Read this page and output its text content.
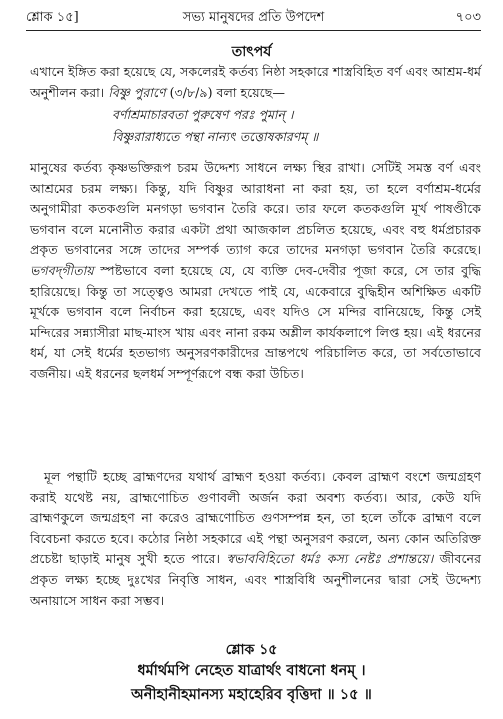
শ্লোক ১৫]	সভ্য মানুষদের প্রতি উপদেশ	৭০৩
তাৎপর্য
এখানে ইঙ্গিত করা হয়েছে যে, সকলেরই কর্তব্য নিষ্ঠা সহকারে শাস্ত্রবিহিত বর্ণ এবং আশ্রম-ধর্ম অনুশীলন করা। বিষ্ণু পুরাণে (৩/৮/৯) বলা হয়েছে—
বর্ণাশ্রমাচারবতা পুরুষেণ পরঃ পুমান্‌ ।
বিষ্ণুরারাধ্যতে পন্থা নান্যৎ তত্তোষকারণম্‌ ॥
মানুষের কর্তব্য কৃষ্ণভক্তিরূপ চরম উদ্দেশ্য সাধনে লক্ষ্য স্থির রাখা। সেটিই সমস্ত বর্ণ এবং আশ্রমের চরম লক্ষ্য। কিন্তু, যদি বিষ্ণুর আরাধনা না করা হয়, তা হলে বর্ণাশ্রম-ধর্মের অনুগামীরা কতকগুলি মনগড়া ভগবান তৈরি করে। তার ফলে কতকগুলি মূর্খ পাষণ্ডীকে ভগবান বলে মনোনীত করার একটা প্রথা আজকাল প্রচলিত হয়েছে, এবং বহু ধর্মপ্রচারক প্রকৃত ভগবানের সঙ্গে তাদের সম্পর্ক ত্যাগ করে তাদের মনগড়া ভগবান তৈরি করেছে। ভগবদ্‌গীতায় স্পষ্টভাবে বলা হয়েছে যে, যে ব্যক্তি দেব-দেবীর পূজা করে, সে তার বুদ্ধি হারিয়েছে। কিন্তু তা সত্ত্বেও আমরা দেখতে পাই যে, একেবারে বুদ্ধিহীন অশিক্ষিত একটি মূর্খকে ভগবান বলে নির্বাচন করা হয়েছে, এবং যদিও সে মন্দির বানিয়েছে, কিন্তু সেই মন্দিরের সন্ন্যাসীরা মাছ-মাংস খায় এবং নানা রকম অশ্লীল কার্যকলাপে লিপ্ত হয়। এই ধরনের ধর্ম, যা সেই ধর্মের হতভাগ্য অনুসরণকারীদের ভ্রান্তপথে পরিচালিত করে, তা সর্বতোভাবে বর্জনীয়। এই ধরনের ছলধর্ম সম্পূর্ণরূপে বন্ধ করা উচিত।
মূল পন্থাটি হচ্ছে ব্রাহ্মণদের যথার্থ ব্রাহ্মণ হওয়া কর্তব্য। কেবল ব্রাহ্মণ বংশে জন্মগ্রহণ করাই যথেষ্ট নয়, ব্রাহ্মণোচিত গুণাবলী অর্জন করা অবশ্য কর্তব্য। আর, কেউ যদি ব্রাহ্মণকুলে জন্মগ্রহণ না করেও ব্রাহ্মণোচিত গুণসম্পন্ন হন, তা হলে তাঁকে ব্রাহ্মণ বলে বিবেচনা করতে হবে। কঠোর নিষ্ঠা সহকারে এই পন্থা অনুসরণ করলে, অন্য কোন অতিরিক্ত প্রচেষ্টা ছাড়াই মানুষ সুখী হতে পারে। স্বভাববিহিতো ধর্মঃ কস্য নেষ্টঃ প্রশান্তয়ে। জীবনের প্রকৃত লক্ষ্য হচ্ছে দুঃখের নিবৃত্তি সাধন, এবং শাস্ত্রবিধি অনুশীলনের দ্বারা সেই উদ্দেশ্য অনায়াসে সাধন করা সম্ভব।
শ্লোক ১৫
ধর্মার্থমপি নেহেত যাত্রার্থং বাধনো ধনম্‌ ।
অনীহানীহমানস্য মহাহেরিব বৃত্তিদা ॥ ১৫ ॥
